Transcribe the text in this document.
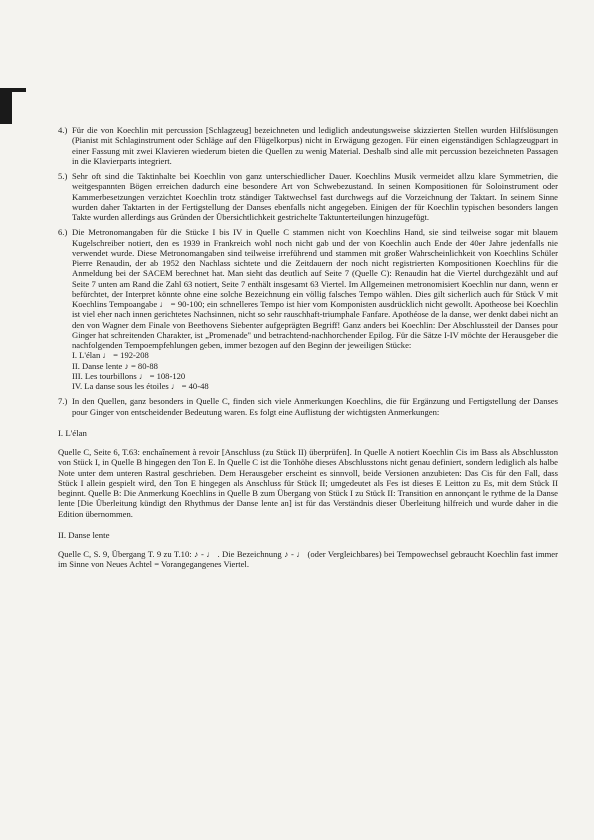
4.) Für die von Koechlin mit percussion [Schlagzeug] bezeichneten und lediglich andeutungsweise skizzierten Stellen wurden Hilfslösungen (Pianist mit Schlaginstrument oder Schläge auf den Flügelkorpus) nicht in Erwägung gezogen. Für einen eigenständigen Schlagzeugpart in einer Fassung mit zwei Klavieren wiederum bieten die Quellen zu wenig Material. Deshalb sind alle mit percussion bezeichneten Passagen in die Klavierparts integriert.

5.) Sehr oft sind die Taktinhalte bei Koechlin von ganz unterschiedlicher Dauer. Koechlins Musik vermeidet allzu klare Symmetrien, die weitgespannten Bögen erreichen dadurch eine besondere Art von Schwebezustand. In seinen Kompositionen für Soloinstrument oder Kammerbesetzungen verzichtet Koechlin trotz ständiger Taktwechsel fast durchwegs auf die Vorzeichnung der Taktart. In seinem Sinne wurden daher Taktarten in der Fertigstellung der Danses ebenfalls nicht angegeben. Einigen der für Koechlin typischen besonders langen Takte wurden allerdings aus Gründen der Übersichtlichkeit gestrichelte Taktunterteilungen hinzugefügt.

6.) Die Metronomangaben für die Stücke I bis IV in Quelle C stammen nicht von Koechlins Hand, sie sind teilweise sogar mit blauem Kugelschreiber notiert, den es 1939 in Frankreich wohl noch nicht gab und der von Koechlin auch Ende der 40er Jahre jedenfalls nie verwendet wurde. Diese Metronomangaben sind teilweise irreführend und stammen mit großer Wahrscheinlichkeit von Koechlins Schüler Pierre Renaudin, der ab 1952 den Nachlass sichtete und die Zeitdauern der noch nicht registrierten Kompositionen Koechlins für die Anmeldung bei der SACEM berechnet hat. Man sieht das deutlich auf Seite 7 (Quelle C): Renaudin hat die Viertel durchgezählt und auf Seite 7 unten am Rand die Zahl 63 notiert, Seite 7 enthält insgesamt 63 Viertel. Im Allgemeinen metronomisiert Koechlin nur dann, wenn er befürchtet, der Interpret könnte ohne eine solche Bezeichnung ein völlig falsches Tempo wählen. Dies gilt sicherlich auch für Stück V mit Koechlins Tempoangabe ♩ = 90-100; ein schnelleres Tempo ist hier vom Komponisten ausdrücklich nicht gewollt. Apotheose bei Koechlin ist viel eher nach innen gerichtetes Nachsinnen, nicht so sehr rauschhaft-triumphale Fanfare. Apothéose de la danse, wer denkt dabei nicht an den von Wagner dem Finale von Beethovens Siebenter aufgeprägten Begriff! Ganz anders bei Koechlin: Der Abschlussteil der Danses pour Ginger hat schreitenden Charakter, ist „Promenade" und betrachtend-nachhorchender Epilog. Für die Sätze I-IV möchte der Herausgeber die nachfolgenden Tempoempfehlungen geben, immer bezogen auf den Beginn der jeweiligen Stücke:

I. L'élan ♩ = 192-208
II. Danse lente ♪ = 80-88
III. Les tourbillons ♩ = 108-120
IV. La danse sous les étoiles ♩ = 40-48
7.) In den Quellen, ganz besonders in Quelle C, finden sich viele Anmerkungen Koechlins, die für Ergänzung und Fertigstellung der Danses pour Ginger von entscheidender Bedeutung waren. Es folgt eine Auflistung der wichtigsten Anmerkungen:

I. L'élan

Quelle C, Seite 6, T.63: enchaînement à revoir [Anschluss (zu Stück II) überprüfen]. In Quelle A notiert Koechlin Cis im Bass als Abschlusston von Stück I, in Quelle B hingegen den Ton E. In Quelle C ist die Tonhöhe dieses Abschlusstons nicht genau definiert, sondern lediglich als halbe Note unter dem unteren Rastral geschrieben. Dem Herausgeber erscheint es sinnvoll, beide Versionen anzubieten: Das Cis für den Fall, dass Stück I allein gespielt wird, den Ton E hingegen als Anschluss für Stück II; umgedeutet als Fes ist dieses E Leitton zu Es, mit dem Stück II beginnt. Quelle B: Die Anmerkung Koechlins in Quelle B zum Übergang von Stück I zu Stück II: Transition en annonçant le rythme de la Danse lente [Die Überleitung kündigt den Rhythmus der Danse lente an] ist für das Verständnis dieser Überleitung hilfreich und wurde daher in die Edition übernommen.

II. Danse lente

Quelle C, S. 9, Übergang T. 9 zu T.10: ♪ - ♩ . Die Bezeichnung ♪ - ♩ (oder Vergleichbares) bei Tempowechsel gebraucht Koechlin fast immer im Sinne von Neues Achtel = Vorangegangenes Viertel.
